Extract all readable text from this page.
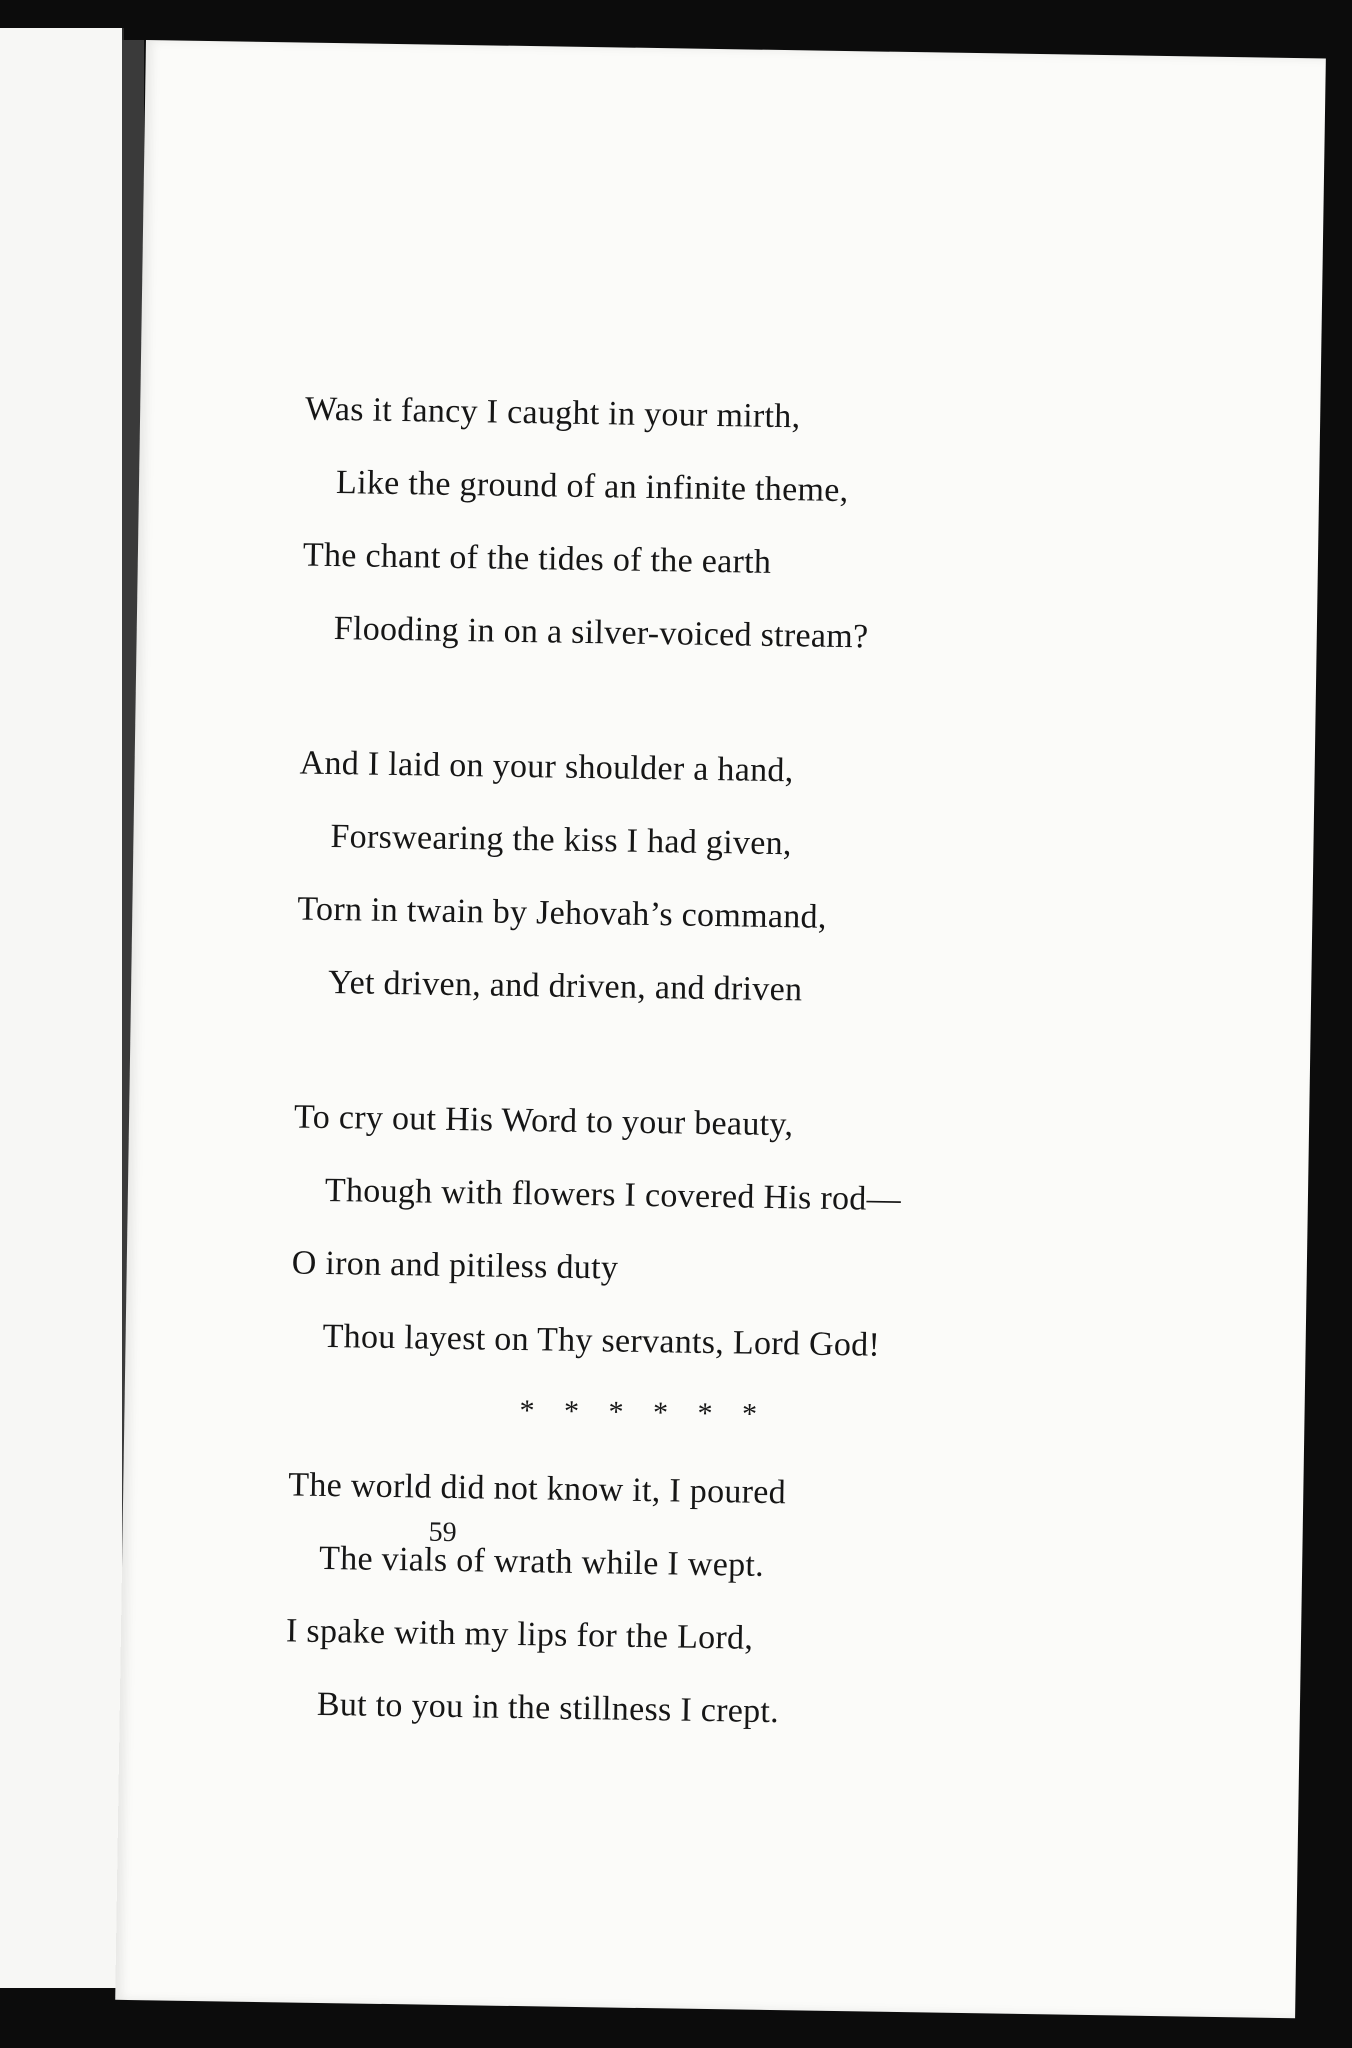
Was it fancy I caught in your mirth,
Like the ground of an infinite theme,
The chant of the tides of the earth
Flooding in on a silver-voiced stream?
And I laid on your shoulder a hand,
Forswearing the kiss I had given,
Torn in twain by Jehovah’s command,
Yet driven, and driven, and driven
To cry out His Word to your beauty,
Though with flowers I covered His rod—
O iron and pitiless duty
Thou layest on Thy servants, Lord God!
* * * * * *
The world did not know it, I poured
The vials of wrath while I wept.
I spake with my lips for the Lord,
But to you in the stillness I crept.
59
